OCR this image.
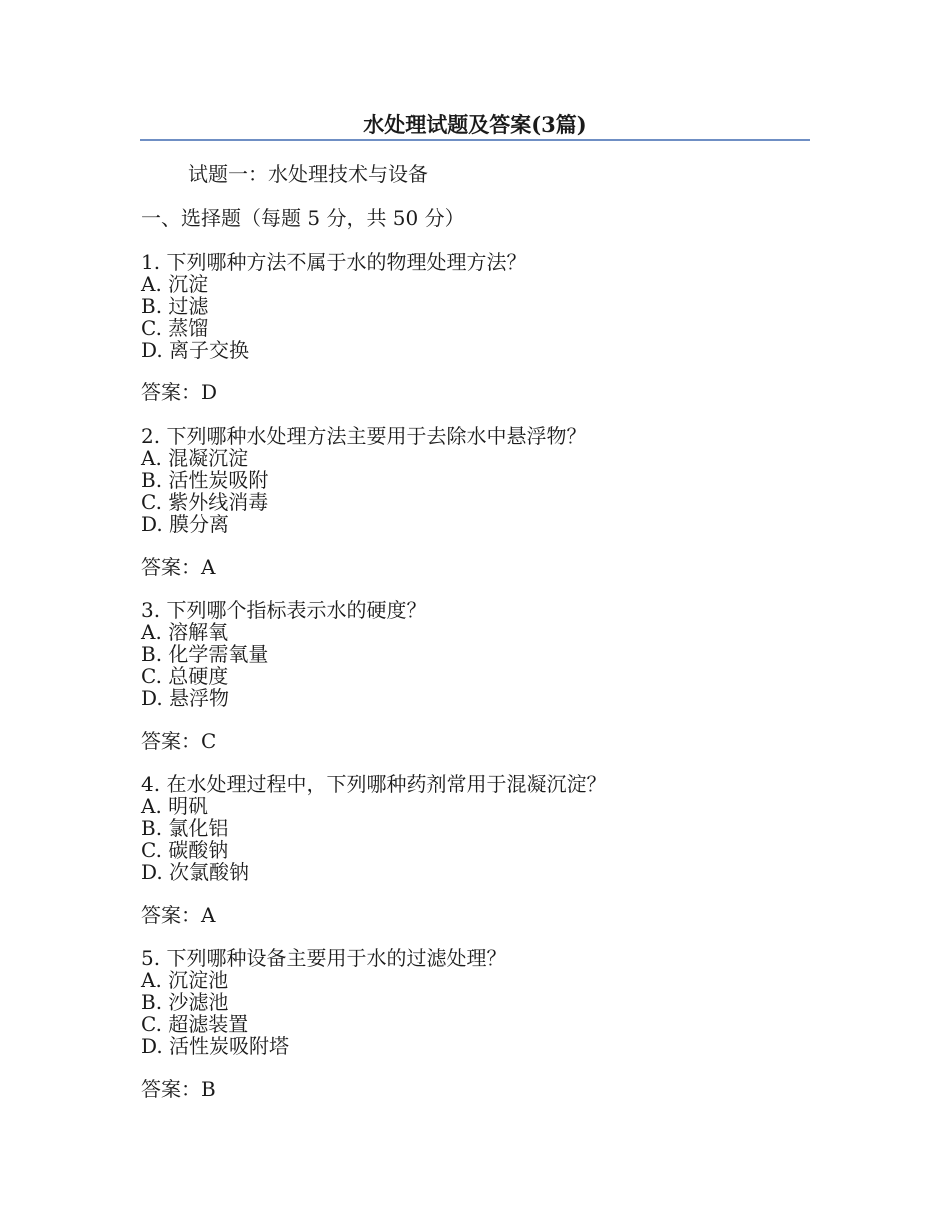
水处理试题及答案(3篇)
试题一：水处理技术与设备
一、选择题（每题 5 分，共 50 分）
1. 下列哪种方法不属于水的物理处理方法？
A. 沉淀
B. 过滤
C. 蒸馏
D. 离子交换
答案：D
2. 下列哪种水处理方法主要用于去除水中悬浮物？
A. 混凝沉淀
B. 活性炭吸附
C. 紫外线消毒
D. 膜分离
答案：A
3. 下列哪个指标表示水的硬度？
A. 溶解氧
B. 化学需氧量
C. 总硬度
D. 悬浮物
答案：C
4. 在水处理过程中，下列哪种药剂常用于混凝沉淀？
A. 明矾
B. 氯化铝
C. 碳酸钠
D. 次氯酸钠
答案：A
5. 下列哪种设备主要用于水的过滤处理？
A. 沉淀池
B. 沙滤池
C. 超滤装置
D. 活性炭吸附塔
答案：B
